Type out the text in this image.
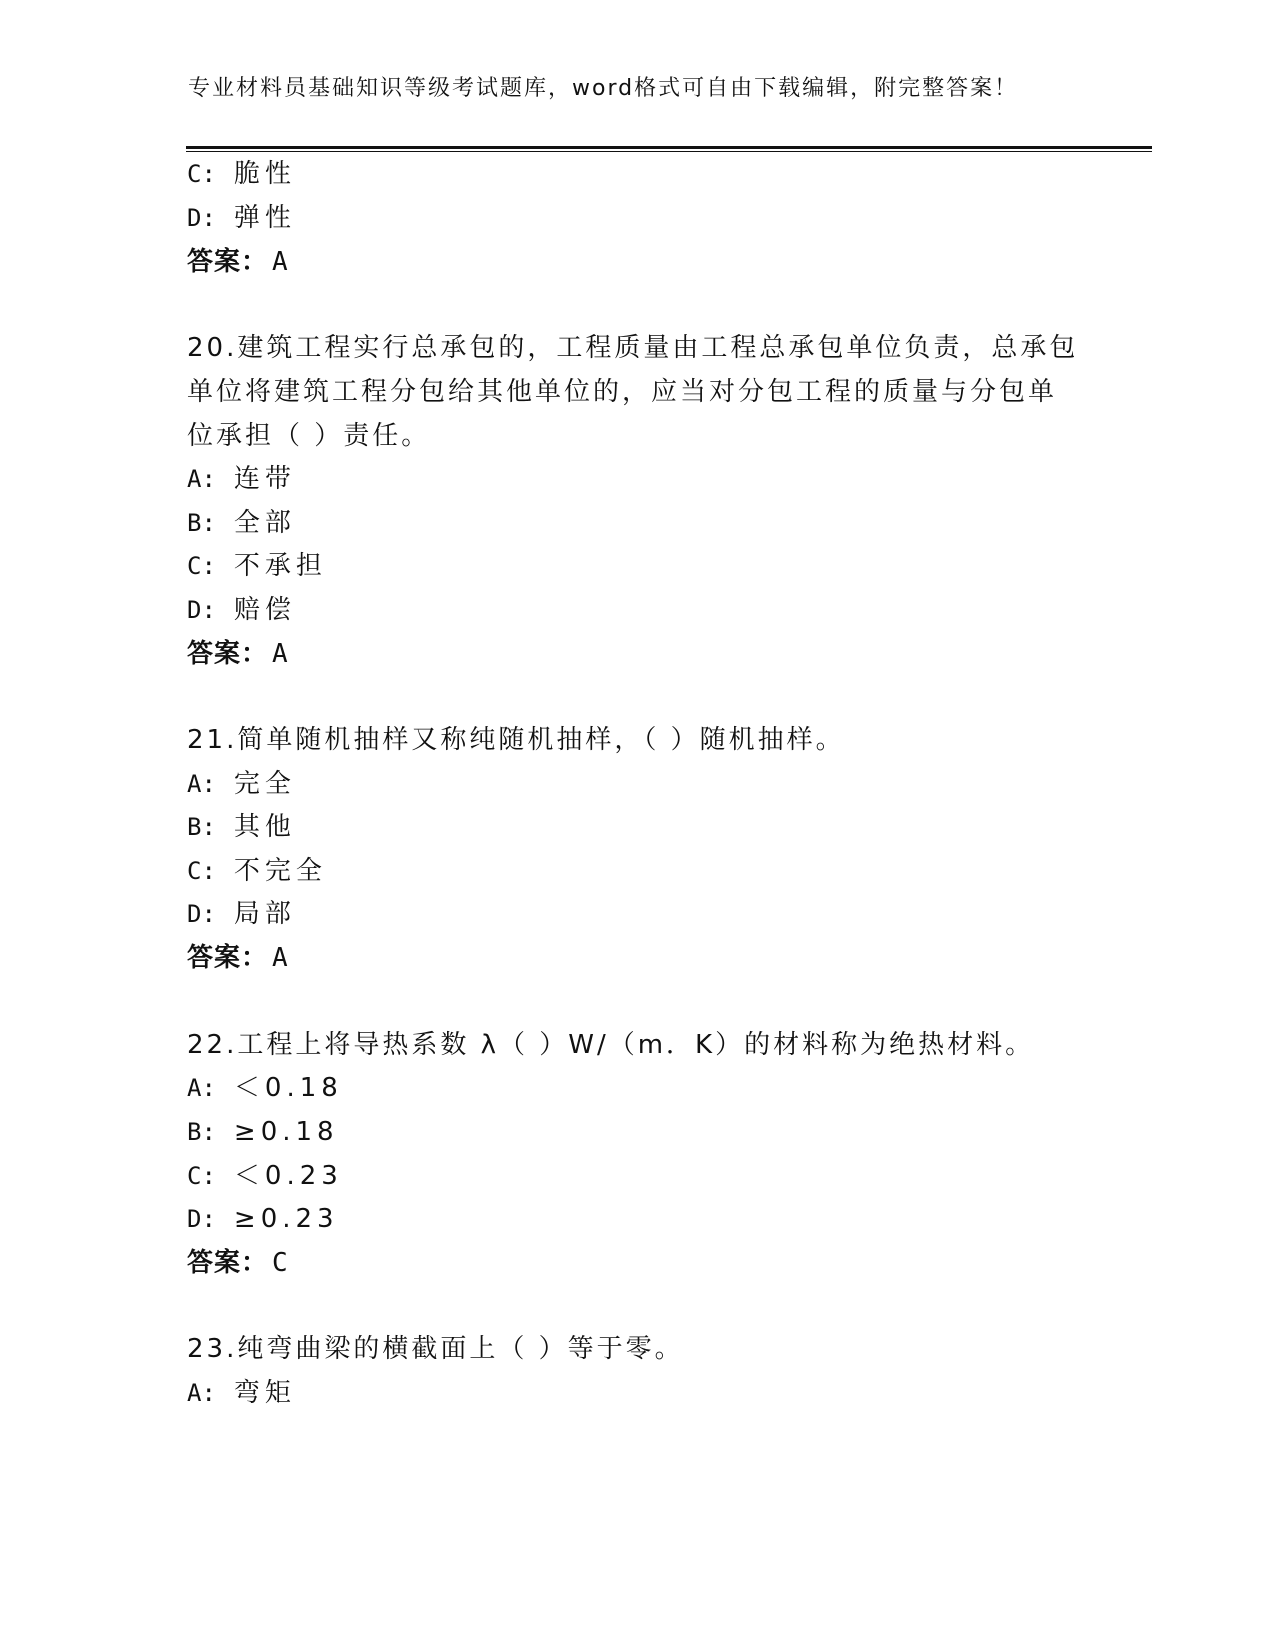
专业材料员基础知识等级考试题库，word格式可自由下载编辑，附完整答案！
C: 脆性
D: 弹性
答案： A
20.建筑工程实行总承包的，工程质量由工程总承包单位负责，总承包
单位将建筑工程分包给其他单位的，应当对分包工程的质量与分包单
位承担（ ）责任。
A: 连带
B: 全部
C: 不承担
D: 赔偿
答案： A
21.简单随机抽样又称纯随机抽样，（ ）随机抽样。
A: 完全
B: 其他
C: 不完全
D: 局部
答案： A
22.工程上将导热系数 λ（ ）W/（m．K）的材料称为绝热材料。
A: ＜0.18
B: ≥0.18
C: ＜0.23
D: ≥0.23
答案： C
23.纯弯曲梁的横截面上（ ）等于零。
A: 弯矩
